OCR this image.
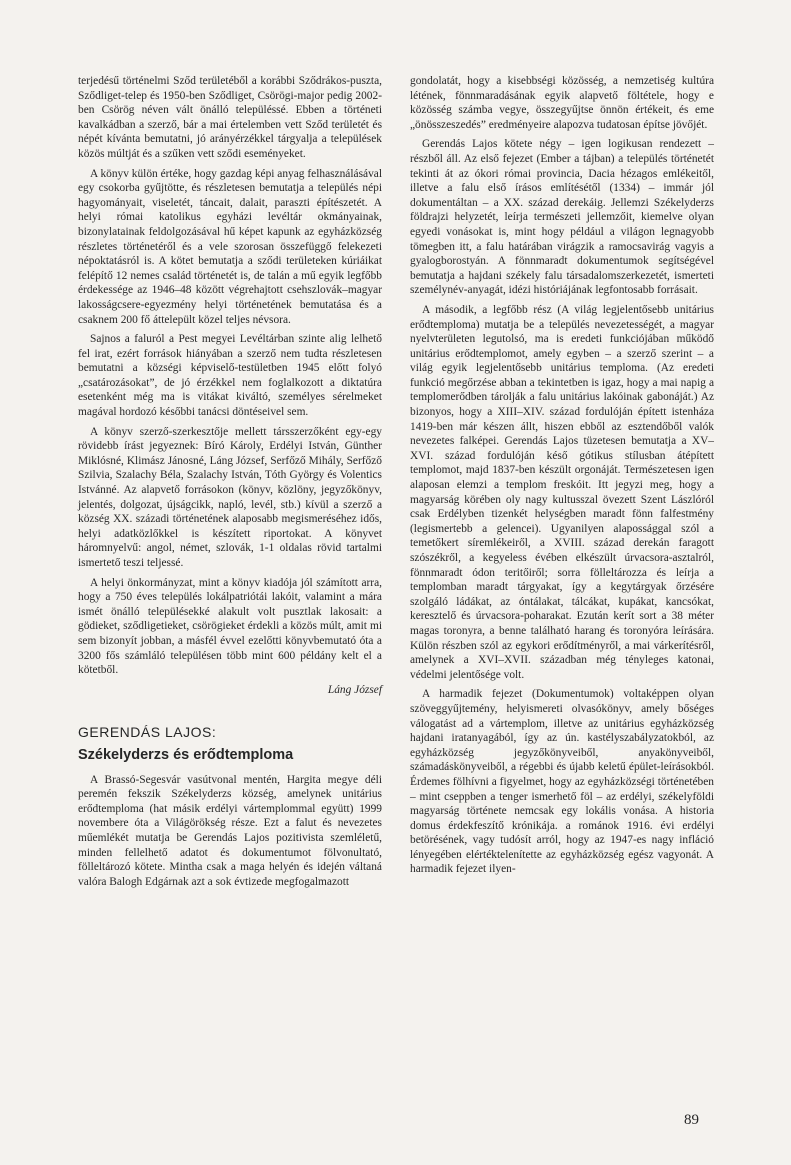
terjedésű történelmi Sződ területéből a korábbi Sződrákos-puszta, Sződliget-telep és 1950-ben Sződliget, Csörögi-major pedig 2002-ben Csörög néven vált önálló településsé. Ebben a történeti kavalkádban a szerző, bár a mai értelemben vett Sződ területét és népét kívánta bemutatni, jó arányérzékkel tárgyalja a települések közös múltját és a szűken vett sződi eseményeket.

A könyv külön értéke, hogy gazdag képi anyag felhasználásával egy csokorba gyűjtötte, és részletesen bemutatja a település népi hagyományait, viseletét, táncait, dalait, paraszti építészetét. A helyi római katolikus egyházi levéltár okmányainak, bizonylatainak feldolgozásával hű képet kapunk az egyházközség részletes történetéről és a vele szorosan összefüggő felekezeti népoktatásról is. A kötet bemutatja a sződi területeken kúriáikat felépítő 12 nemes család történetét is, de talán a mű egyik legfőbb érdekessége az 1946–48 között végrehajtott csehszlovák–magyar lakosságcsere-egyezmény helyi történetének bemutatása és a csaknem 200 fő áttelepült közel teljes névsora.

Sajnos a faluról a Pest megyei Levéltárban szinte alig lelhető fel irat, ezért források hiányában a szerző nem tudta részletesen bemutatni a községi képviselő-testületben 1945 előtt folyó „csatározásokat”, de jó érzékkel nem foglalkozott a diktatúra esetenként még ma is vitákat kiváltó, személyes sérelmeket magával hordozó későbbi tanácsi döntéseivel sem.

A könyv szerző-szerkesztője mellett társszerzőként egy-egy rövidebb írást jegyeznek: Bíró Károly, Erdélyi István, Günther Miklósné, Klimász Jánosné, Láng József, Serfőző Mihály, Serfőző Szilvia, Szalachy Béla, Szalachy István, Tóth György és Volentics Istvánné. Az alapvető forrásokon (könyv, közlöny, jegyzőkönyv, jelentés, dolgozat, újságcikk, napló, levél, stb.) kívül a szerző a község XX. századi történetének alaposabb megismeréséhez idős, helyi adatközlőkkel is készített riportokat. A könyvet háromnyelvű: angol, német, szlovák, 1-1 oldalas rövid tartalmi ismertető teszi teljessé.

A helyi önkormányzat, mint a könyv kiadója jól számított arra, hogy a 750 éves település lokálpatriótái lakóit, valamint a mára ismét önálló településekké alakult volt pusztlak lakosait: a gödieket, sződligetieket, csörögieket érdekli a közös múlt, amit mi sem bizonyít jobban, a másfél évvel ezelőtti könyvbemutató óta a 3200 fős számláló településen több mint 600 példány kelt el a kötetből.

Láng József

GERENDÁS LAJOS:
Székelyderzs és erődtemploma

A Brassó-Segesvár vasútvonal mentén, Hargita megye déli peremén fekszik Székelyderzs község, amelynek unitárius erődtemploma (hat másik erdélyi vártemplommal együtt) 1999 novembere óta a Világörökség része. Ezt a falut és nevezetes műemlékét mutatja be Gerendás Lajos pozitivista szemléletű, minden fellelhető adatot és dokumentumot fölvonultató, fölleltározó kötete. Mintha csak a maga helyén és idején váltaná valóra Balogh Edgárnak azt a sok évtizede megfogalmazott

gondolatát, hogy a kisebbségi közösség, a nemzetiség kultúra létének, fönnmaradásának egyik alapvető föltétele, hogy e közösség számba vegye, összegyűjtse önnön értékeit, és eme „önösszeszedés” eredményeire alapozva tudatosan építse jövőjét.

Gerendás Lajos kötete négy – igen logikusan rendezett – részből áll. Az első fejezet (Ember a tájban) a település történetét tekinti át az ókori római provincia, Dacia hézagos emlékeitől, illetve a falu első írásos említésétől (1334) – immár jól dokumentáltan – a XX. század derekáig. Jellemzi Székelyderzs földrajzi helyzetét, leírja természeti jellemzőit, kiemelve olyan egyedi vonásokat is, mint hogy például a világon legnagyobb tömegben itt, a falu határában virágzik a ramocsavirág vagyis a gyalogborostyán. A fönnmaradt dokumentumok segítségével bemutatja a hajdani székely falu társadalomszerkezetét, ismerteti személynév-anyagát, idézi históriájának legfontosabb forrásait.

A második, a legfőbb rész (A világ legjelentősebb unitárius erődtemploma) mutatja be a település nevezetességét, a magyar nyelvterületen legutolsó, ma is eredeti funkciójában működő unitárius erődtemplomot, amely egyben – a szerző szerint – a világ egyik legjelentősebb unitárius temploma. (Az eredeti funkció megőrzése abban a tekintetben is igaz, hogy a mai napig a templomerődben tárolják a falu unitárius lakóinak gabonáját.) Az bizonyos, hogy a XIII–XIV. század fordulóján épített istenháza 1419-ben már készen állt, hiszen ebből az esztendőből valók nevezetes falképei. Gerendás Lajos tüzetesen bemutatja a XV–XVI. század fordulóján késő gótikus stílusban átépített templomot, majd 1837-ben készült orgonáját. Természetesen igen alaposan elemzi a templom freskóit. Itt jegyzi meg, hogy a magyarság körében oly nagy kultusszal övezett Szent Lászlóról csak Erdélyben tizenkét helységben maradt fönn falfestmény (legismertebb a gelencei). Ugyanilyen alapossággal szól a temetőkert síremlékeiről, a XVIII. század derekán faragott szószékről, a kegyeless évében elkészült úrvacsora-asztalról, fönnmaradt ódon teritőiről; sorra fölleltározza és leírja a templomban maradt tárgyakat, így a kegytárgyak őrzésére szolgáló ládákat, az óntálakat, tálcákat, kupákat, kancsókat, keresztelő és úrvacsora-poharakat. Ezután kerít sort a 38 méter magas toronyra, a benne található harang és toronyóra leírására. Külön részben szól az egykori erődítményről, a mai várkerítésről, amelynek a XVI–XVII. században még tényleges katonai, védelmi jelentősége volt.

A harmadik fejezet (Dokumentumok) voltaképpen olyan szöveggyűjtemény, helyismereti olvasókönyv, amely bőséges válogatást ad a vártemplom, illetve az unitárius egyházközség hajdani iratanyagából, így az ún. kastélyszabályzatokból, az egyházközség jegyzőkönyveiből, anyakönyveiből, számadáskönyveiből, a régebbi és újabb keletű épület-leírásokból. Érdemes fölhívni a figyelmet, hogy az egyházközségi történetében – mint cseppben a tenger ismerhető föl – az erdélyi, székelyföldi magyarság története nemcsak egy lokális vonása. A historia domus érdekfeszítő krónikája. a románok 1916. évi erdélyi betörésének, vagy tudósít arról, hogy az 1947-es nagy infláció lényegében elértéktelenítette az egyházközség egész vagyonát. A harmadik fejezet ilyen-

89
